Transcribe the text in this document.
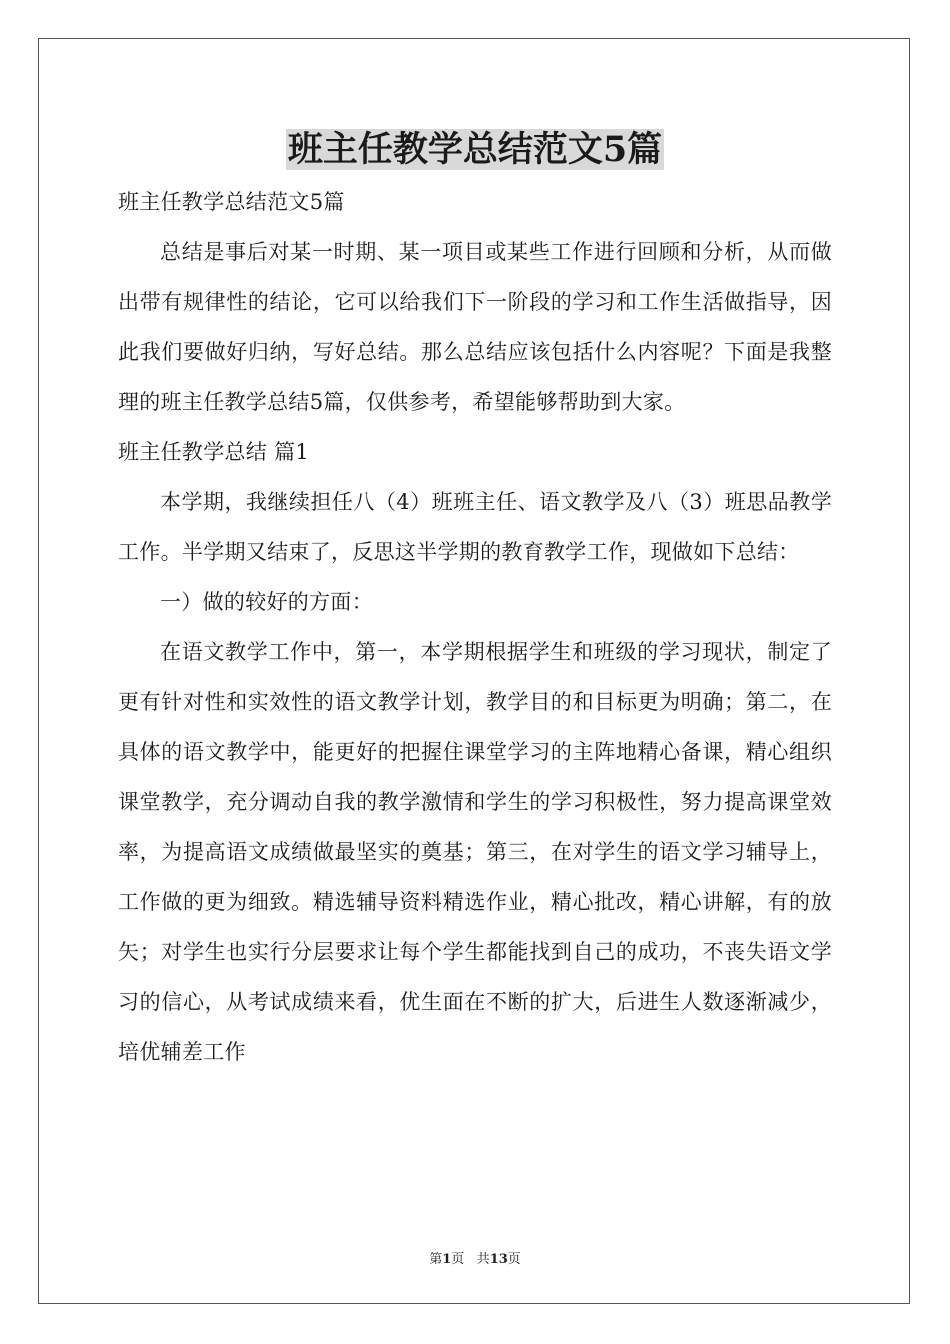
班主任教学总结范文5篇

班主任教学总结范文5篇

总结是事后对某一时期、某一项目或某些工作进行回顾和分析，从而做出带有规律性的结论，它可以给我们下一阶段的学习和工作生活做指导，因此我们要做好归纳，写好总结。那么总结应该包括什么内容呢？下面是我整理的班主任教学总结5篇，仅供参考，希望能够帮助到大家。

班主任教学总结 篇1

本学期，我继续担任八（4）班班主任、语文教学及八（3）班思品教学工作。半学期又结束了，反思这半学期的教育教学工作，现做如下总结：

一）做的较好的方面：

在语文教学工作中，第一，本学期根据学生和班级的学习现状，制定了更有针对性和实效性的语文教学计划，教学目的和目标更为明确；第二，在具体的语文教学中，能更好的把握住课堂学习的主阵地精心备课，精心组织课堂教学，充分调动自我的教学激情和学生的学习积极性，努力提高课堂效率，为提高语文成绩做最坚实的奠基；第三，在对学生的语文学习辅导上，工作做的更为细致。精选辅导资料精选作业，精心批改，精心讲解，有的放矢；对学生也实行分层要求让每个学生都能找到自己的成功，不丧失语文学习的信心，从考试成绩来看，优生面在不断的扩大，后进生人数逐渐减少，培优辅差工作

第1页 共13页
